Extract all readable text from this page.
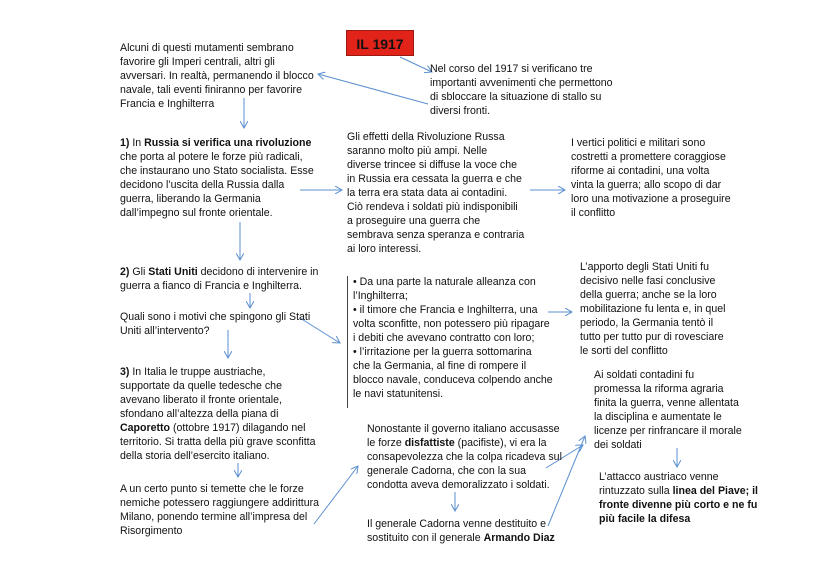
IL 1917
Nel corso del 1917 si verificano tre
importanti avvenimenti che permettono
di sbloccare la situazione di stallo su
diversi fronti.
Alcuni di questi mutamenti sembrano
favorire gli Imperi centrali, altri gli
avversari. In realtà, permanendo il blocco
navale, tali eventi finiranno per favorire
Francia e Inghilterra
1) In Russia si verifica una rivoluzione
che porta al potere le forze più radicali,
che instaurano uno Stato socialista. Esse
decidono l’uscita della Russia dalla
guerra, liberando la Germania
dall’impegno sul fronte orientale.
Gli effetti della Rivoluzione Russa
saranno molto più ampi. Nelle
diverse trincee si diffuse la voce che
in Russia era cessata la guerra e che
la terra era stata data ai contadini.
Ciò rendeva i soldati più indisponibili
a proseguire una guerra che
sembrava senza speranza e contraria
ai loro interessi.
I vertici politici e militari sono
costretti a promettere coraggiose
riforme ai contadini, una volta
vinta la guerra; allo scopo di dar
loro una motivazione a proseguire
il conflitto
2) Gli Stati Uniti decidono di intervenire in
guerra a fianco di Francia e Inghilterra.
Quali sono i motivi che spingono gli Stati
Uniti all’intervento?
• Da una parte la naturale alleanza con
l’Inghilterra;
• il timore che Francia e Inghilterra, una
volta sconfitte, non potessero più ripagare
i debiti che avevano contratto con loro;
• l’irritazione per la guerra sottomarina
che la Germania, al fine di rompere il
blocco navale, conduceva colpendo anche
le navi statunitensi.
L’apporto degli Stati Uniti fu
decisivo nelle fasi conclusive
della guerra; anche se la loro
mobilitazione fu lenta e, in quel
periodo, la Germania tentò il
tutto per tutto pur di rovesciare
le sorti del conflitto
3) In Italia le truppe austriache,
supportate da quelle tedesche che
avevano liberato il fronte orientale,
sfondano all’altezza della piana di
Caporetto (ottobre 1917) dilagando nel
territorio. Si tratta della più grave sconfitta
della storia dell’esercito italiano.
A un certo punto si temette che le forze
nemiche potessero raggiungere addirittura
Milano, ponendo termine all’impresa del
Risorgimento
Nonostante il governo italiano accusasse
le forze disfattiste (pacifiste), vi era la
consapevolezza che la colpa ricadeva sul
generale Cadorna, che con la sua
condotta aveva demoralizzato i soldati.
Il generale Cadorna venne destituito e
sostituito con il generale Armando Diaz
Ai soldati contadini fu
promessa la riforma agraria
finita la guerra, venne allentata
la disciplina e aumentate le
licenze per rinfrancare il morale
dei soldati
L’attacco austriaco venne
rintuzzato sulla linea del Piave; il
fronte divenne più corto e ne fu
più facile la difesa
